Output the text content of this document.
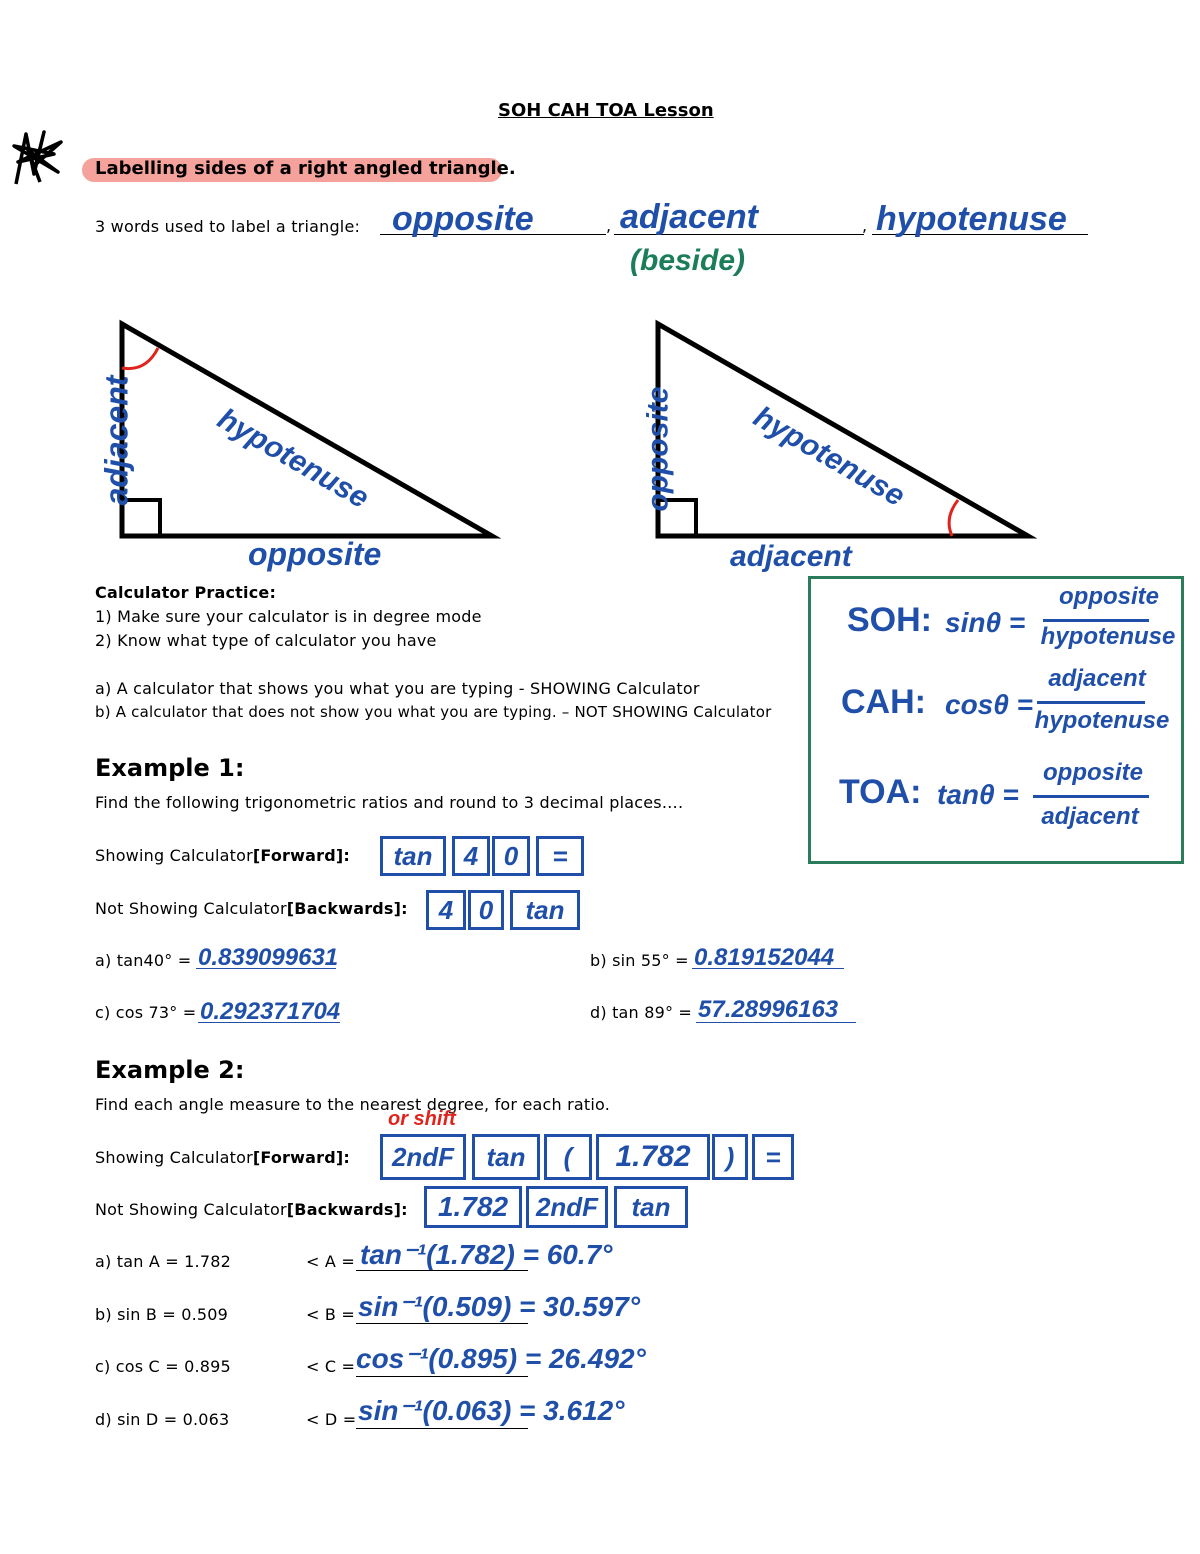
SOH CAH TOA Lesson
Labelling sides of a right angled triangle.
3 words used to label a triangle: opposite	, adjacent
(beside)
, hypotenuse
adjacent	hypotenuse
opposite
opposite hypotenuse
adjacent
Calculator Practice:
1) Make sure your calculator is in degree mode
2) Know what type of calculator you have
a) A calculator that shows you what you are typing - SHOWING Calculator
b) A calculator that does not show you what you are typing. – NOT SHOWING Calculator
SOH: sinθ =
opposite
hypotenuse
CAH: cosθ =
adjacent
hypotenuse
TOA: tanθ =
opposite
adjacent
Example 1:
Find the following trigonometric ratios and round to 3 decimal places….
Showing Calculator[Forward]:	tan	4 0	=
Not Showing Calculator[Backwards]:	4 0	tan
a) tan40° = 0.839099631	b) sin 55° = 0.819152044
c) cos 73° = 0.292371704	d) tan 89° = 57.28996163
Example 2:
Find each angle measure to the nearest degree, for each ratio.
or shift
Showing Calculator[Forward]:	2ndF	tan	(	1.782	)	=
Not Showing Calculator[Backwards]:	1.782	2ndF	tan
a) tan A = 1.782	< A = tan⁻¹(1.782) = 60.7°
b) sin B = 0.509	< B = sin⁻¹(0.509) = 30.597°
c) cos C = 0.895	< C = cos⁻¹(0.895) = 26.492°
d) sin D = 0.063	< D = sin⁻¹(0.063) = 3.612°
